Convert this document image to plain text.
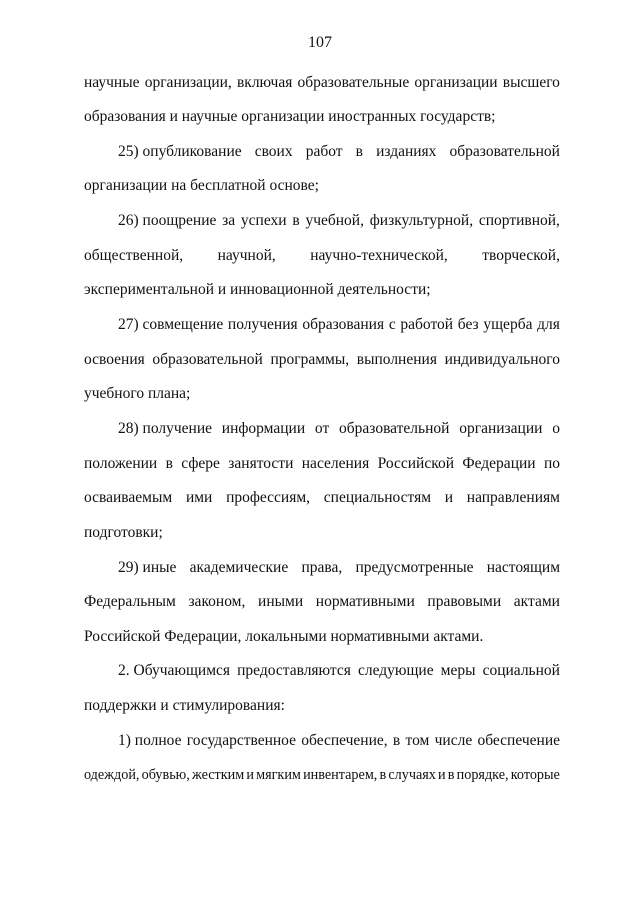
107
научные организации, включая образовательные организации высшего
образования и научные организации иностранных государств;
25) опубликование своих работ в изданиях образовательной
организации на бесплатной основе;
26) поощрение за успехи в учебной, физкультурной, спортивной,
общественной, научной, научно-технической, творческой,
экспериментальной и инновационной деятельности;
27) совмещение получения образования с работой без ущерба для
освоения образовательной программы, выполнения индивидуального
учебного плана;
28) получение информации от образовательной организации о
положении в сфере занятости населения Российской Федерации по
осваиваемым ими профессиям, специальностям и направлениям
подготовки;
29) иные академические права, предусмотренные настоящим
Федеральным законом, иными нормативными правовыми актами
Российской Федерации, локальными нормативными актами.
2. Обучающимся предоставляются следующие меры социальной
поддержки и стимулирования:
1) полное государственное обеспечение, в том числе обеспечение
одеждой, обувью, жестким и мягким инвентарем, в случаях и в порядке, которые
